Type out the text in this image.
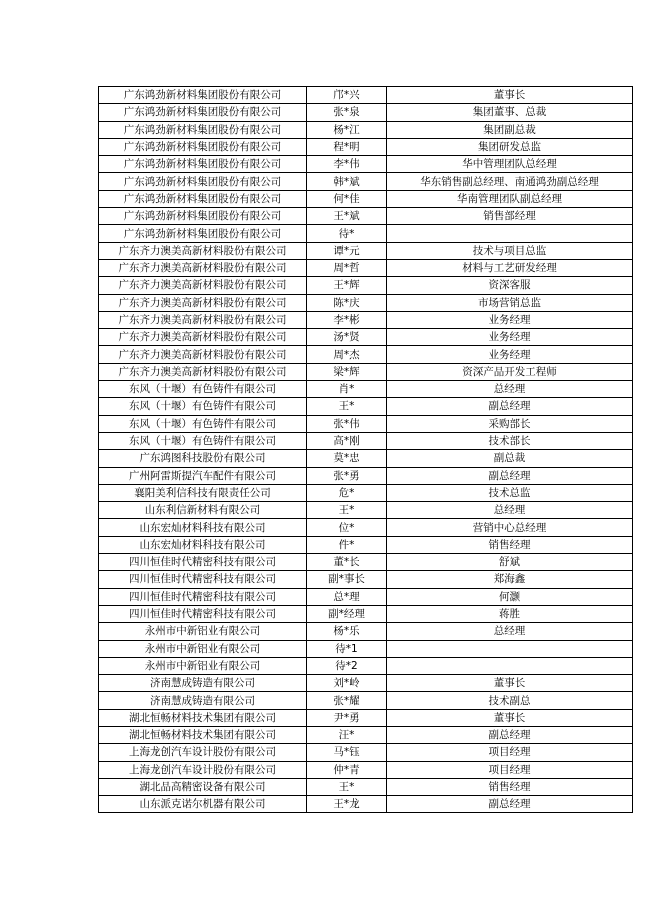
广东鸿劲新材料集团股份有限公司	邝*兴	董事长
广东鸿劲新材料集团股份有限公司	张*泉	集团董事、总裁
广东鸿劲新材料集团股份有限公司	杨*江	集团副总裁
广东鸿劲新材料集团股份有限公司	程*明	集团研发总监
广东鸿劲新材料集团股份有限公司	李*伟	华中管理团队总经理
广东鸿劲新材料集团股份有限公司	韩*斌	华东销售副总经理、南通鸿劲副总经理
广东鸿劲新材料集团股份有限公司	何*佳	华南管理团队副总经理
广东鸿劲新材料集团股份有限公司	王*斌	销售部经理
广东鸿劲新材料集团股份有限公司	待*	
广东齐力澳美高新材料股份有限公司	谭*元	技术与项目总监
广东齐力澳美高新材料股份有限公司	周*哲	材料与工艺研发经理
广东齐力澳美高新材料股份有限公司	王*辉	资深客服
广东齐力澳美高新材料股份有限公司	陈*庆	市场营销总监
广东齐力澳美高新材料股份有限公司	李*彬	业务经理
广东齐力澳美高新材料股份有限公司	汤*贤	业务经理
广东齐力澳美高新材料股份有限公司	周*杰	业务经理
广东齐力澳美高新材料股份有限公司	梁*辉	资深产品开发工程师
东风（十堰）有色铸件有限公司	肖*	总经理
东风（十堰）有色铸件有限公司	王*	副总经理
东风（十堰）有色铸件有限公司	张*伟	采购部长
东风（十堰）有色铸件有限公司	高*刚	技术部长
广东鸿图科技股份有限公司	莫*忠	副总裁
广州阿雷斯提汽车配件有限公司	张*勇	副总经理
襄阳美利信科技有限责任公司	危*	技术总监
山东利信新材料有限公司	王*	总经理
山东宏灿材料科技有限公司	位*	营销中心总经理
山东宏灿材料科技有限公司	件*	销售经理
四川恒佳时代精密科技有限公司	董*长	舒斌
四川恒佳时代精密科技有限公司	副*事长	郑海鑫
四川恒佳时代精密科技有限公司	总*理	何灏
四川恒佳时代精密科技有限公司	副*经理	蒋胜
永州市中新铝业有限公司	杨*乐	总经理
永州市中新铝业有限公司	待*1	
永州市中新铝业有限公司	待*2	
济南慧成铸造有限公司	刘*岭	董事长
济南慧成铸造有限公司	张*耀	技术副总
湖北恒畅材料技术集团有限公司	尹*勇	董事长
湖北恒畅材料技术集团有限公司	汪*	副总经理
上海龙创汽车设计股份有限公司	马*钰	项目经理
上海龙创汽车设计股份有限公司	仲*青	项目经理
湖北品高精密设备有限公司	王*	销售经理
山东派克诺尔机器有限公司	王*龙	副总经理
